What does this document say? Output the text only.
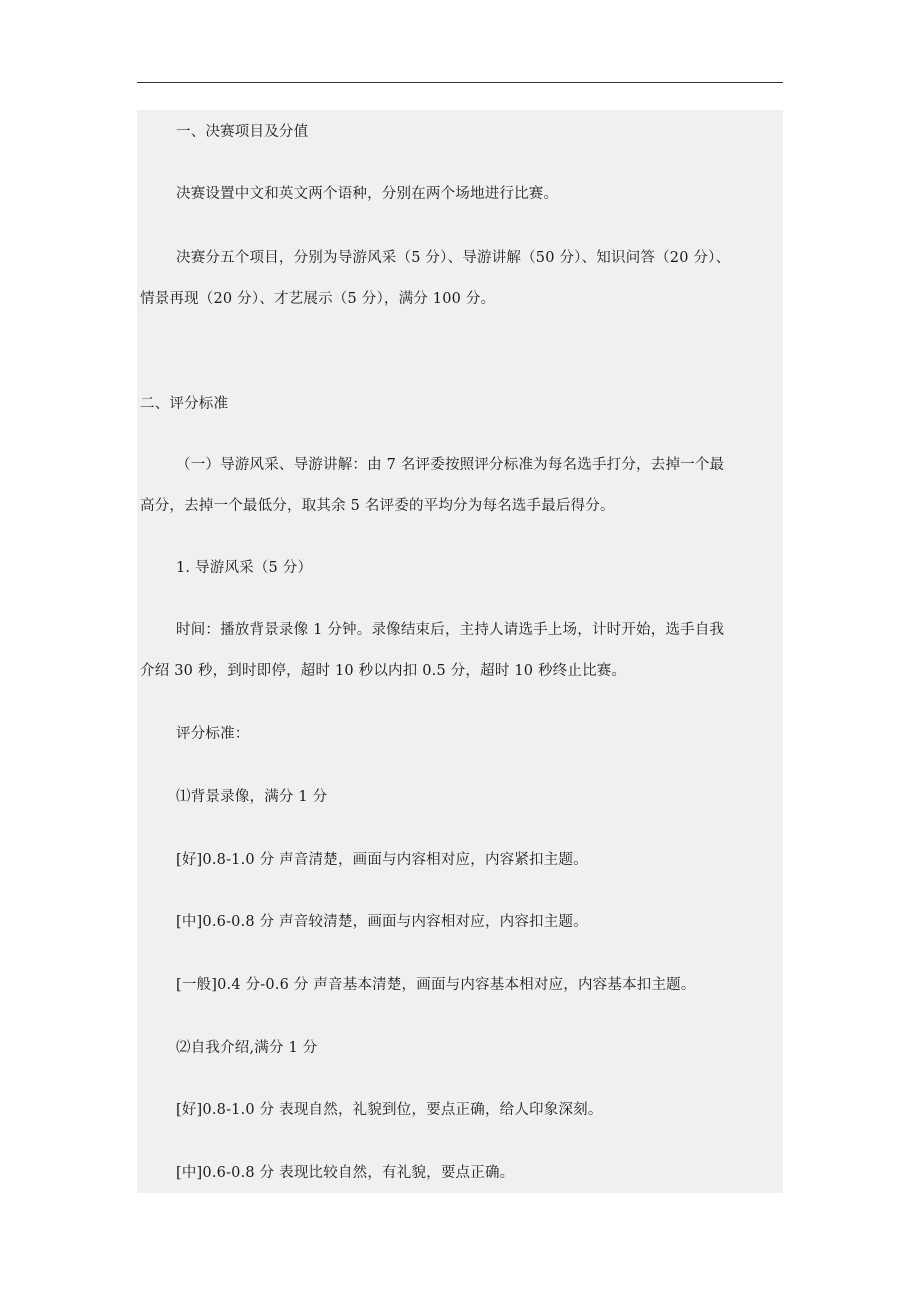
一、决赛项目及分值
决赛设置中文和英文两个语种，分别在两个场地进行比赛。
决赛分五个项目，分别为导游风采（5 分）、导游讲解（50 分）、知识问答（20 分）、
情景再现（20 分）、才艺展示（5 分），满分 100 分。
二、评分标准
（一）导游风采、导游讲解：由 7 名评委按照评分标准为每名选手打分，去掉一个最
高分，去掉一个最低分，取其余 5 名评委的平均分为每名选手最后得分。
1. 导游风采（5 分）
时间：播放背景录像 1 分钟。录像结束后，主持人请选手上场，计时开始，选手自我
介绍 30 秒，到时即停，超时 10 秒以内扣 0.5 分，超时 10 秒终止比赛。
评分标准：
⑴背景录像，满分 1 分
[好]0.8-1.0 分 声音清楚，画面与内容相对应，内容紧扣主题。
[中]0.6-0.8 分 声音较清楚，画面与内容相对应，内容扣主题。
[一般]0.4 分-0.6 分 声音基本清楚，画面与内容基本相对应，内容基本扣主题。
⑵自我介绍,满分 1 分
[好]0.8-1.0 分 表现自然，礼貌到位，要点正确，给人印象深刻。
[中]0.6-0.8 分 表现比较自然，有礼貌，要点正确。
